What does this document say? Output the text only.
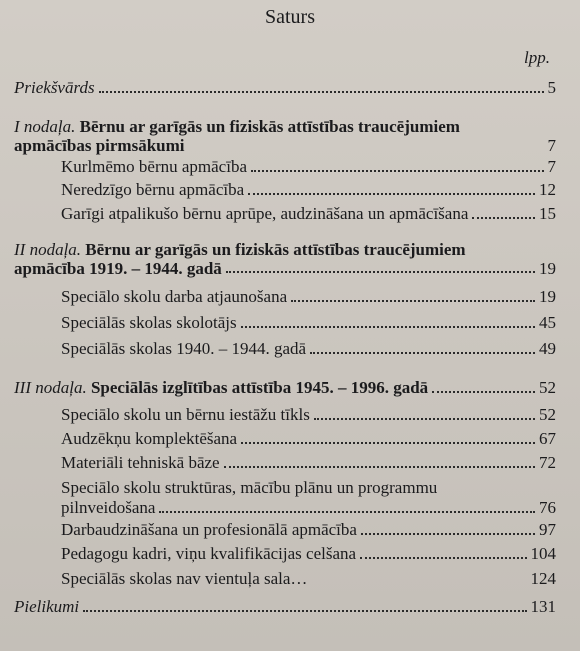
Saturs
lpp.
Priekšvārds	5
I nodaļa. Bērnu ar garīgās un fiziskās attīstības traucējumiem
apmācības pirmsākumi	7
Kurlmēmo bērnu apmācība	7
Neredzīgo bērnu apmācība	12
Garīgi atpalikušo bērnu aprūpe, audzināšana un apmācīšana	15
II nodaļa. Bērnu ar garīgās un fiziskās attīstības traucējumiem
apmācība 1919. – 1944. gadā	19
Speciālo skolu darba atjaunošana	19
Speciālās skolas skolotājs	45
Speciālās skolas 1940. – 1944. gadā	49
III nodaļa. Speciālās izglītības attīstība 1945. – 1996. gadā	52
Speciālo skolu un bērnu iestāžu tīkls	52
Audzēkņu komplektēšana	67
Materiāli tehniskā bāze	72
Speciālo skolu struktūras, mācību plānu un programmu
pilnveidošana	76
Darbaudzināšana un profesionālā apmācība	97
Pedagogu kadri, viņu kvalifikācijas celšana	104
Speciālās skolas nav vientuļa sala…	124
Pielikumi	131
